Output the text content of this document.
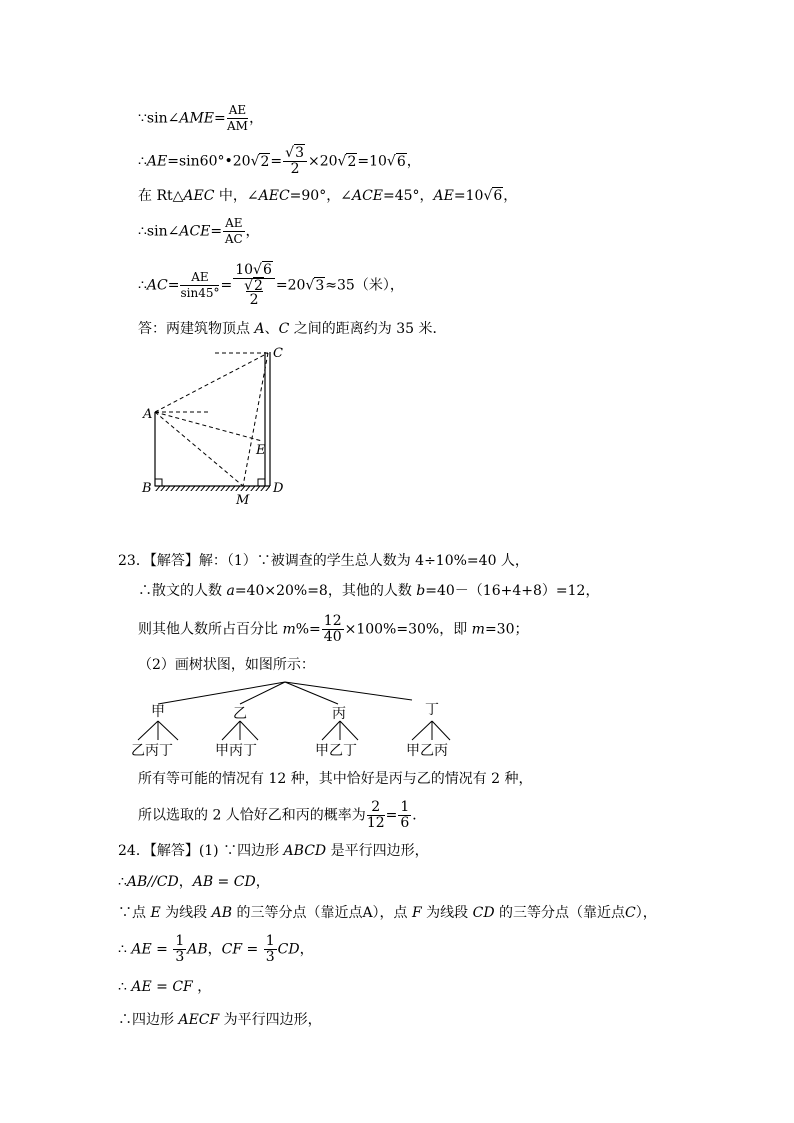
∵sin∠AME= $\frac{AE}{AM}$ ，
∴AE=sin60°•20√2= $\frac{√3}{2} \times 20√2=10√6$，
在 Rt△AEC 中，∠AEC=90°，∠ACE=45°，AE=10√6，
∴sin∠ACE= $\frac{AE}{AC}$ ，
∴AC= $\frac{AE}{\sin 45^\circ}$ =
10√6
√2
2
=20√3≈35（米），
答：两建筑物顶点 A、C 之间的距离约为 35 米．
A
B
C
D
E
M
23．【解答】解：（1）∵被调查的学生总人数为 4÷10%=40 人，
∴散文的人数 a=40×20%=8，其他的人数 b=40－（16+4+8）=12，
则其他人数所占百分比 $m\%= \frac{12}{40} \times 100\%=30\%$，即 m=30；
（2）画树状图，如图所示：
甲	乙	丙	丁
乙丙丁	甲丙丁	甲乙丁	甲乙丙
所有等可能的情况有 12 种，其中恰好是丙与乙的情况有 2 种，
所以选取的 2 人恰好乙和丙的概率为 $\frac{2}{12} = \frac{1}{6}$ ．
24．【解答】(1) ∵四边形 ABCD 是平行四边形，
∴AB//CD，AB = CD，
∵点 E 为线段 AB 的三等分点（靠近点A），点 F 为线段 CD 的三等分点（靠近点C），
∴ AE = $\frac{1}{3}$ AB，CF = $\frac{1}{3}$ CD，
∴ AE = CF ，
∴四边形 AECF 为平行四边形，
